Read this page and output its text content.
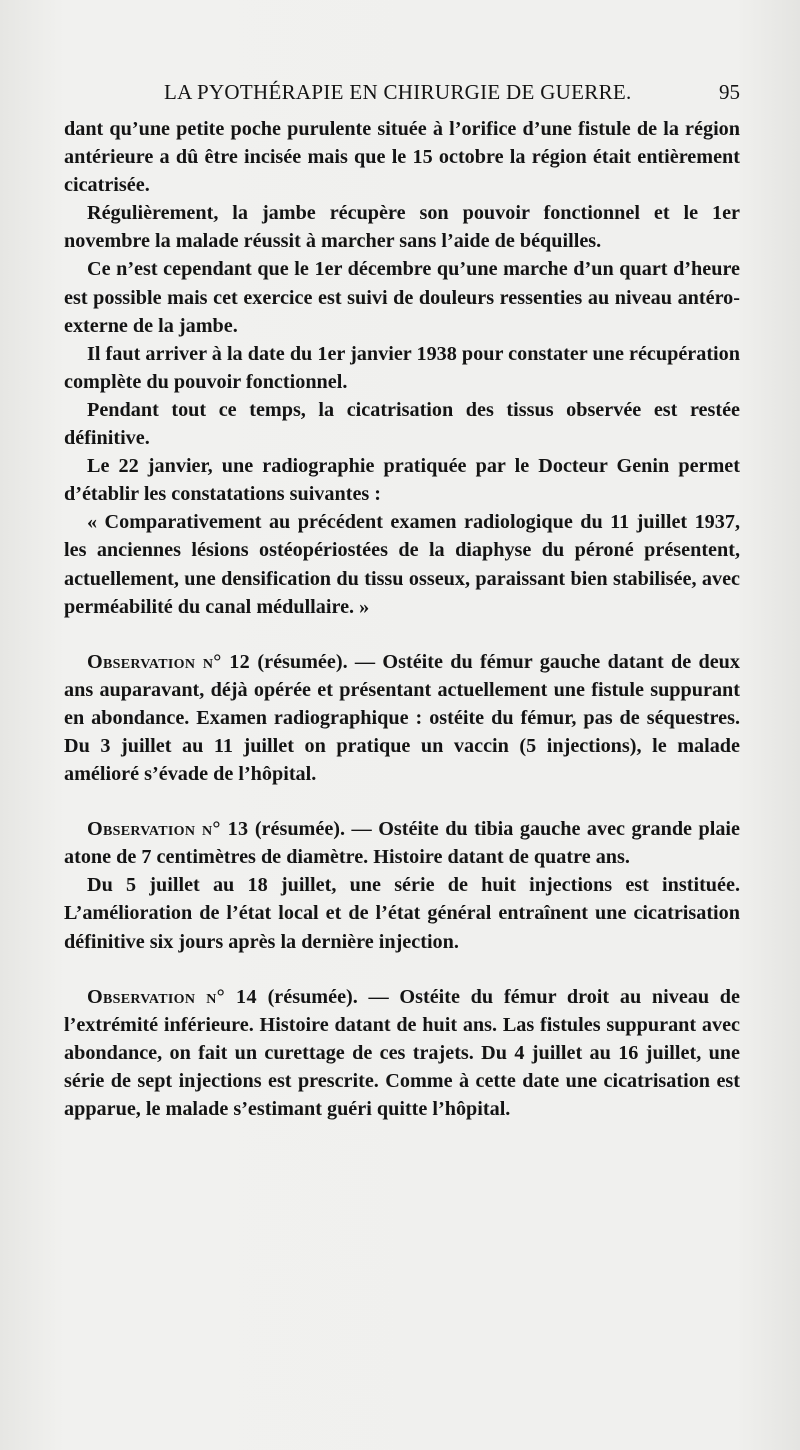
LA PYOTHÉRAPIE EN CHIRURGIE DE GUERRE.	95

dant qu’une petite poche purulente située à l’orifice d’une fistule de la région antérieure a dû être incisée mais que le 15 octobre la région était entièrement cicatrisée.

Régulièrement, la jambe récupère son pouvoir fonctionnel et le 1er novembre la malade réussit à marcher sans l’aide de béquilles.

Ce n’est cependant que le 1er décembre qu’une marche d’un quart d’heure est possible mais cet exercice est suivi de douleurs ressenties au niveau antéro-externe de la jambe.

Il faut arriver à la date du 1er janvier 1938 pour constater une récupération complète du pouvoir fonctionnel.

Pendant tout ce temps, la cicatrisation des tissus observée est restée définitive.

Le 22 janvier, une radiographie pratiquée par le Docteur Genin permet d’établir les constatations suivantes :

« Comparativement au précédent examen radiologique du 11 juillet 1937, les anciennes lésions ostéopériostées de la diaphyse du péroné présentent, actuellement, une densification du tissu osseux, paraissant bien stabilisée, avec perméabilité du canal médullaire. »

Observation n° 12 (résumée). — Ostéite du fémur gauche datant de deux ans auparavant, déjà opérée et présentant actuellement une fistule suppurant en abondance. Examen radiographique : ostéite du fémur, pas de séquestres. Du 3 juillet au 11 juillet on pratique un vaccin (5 injections), le malade amélioré s’évade de l’hôpital.

Observation n° 13 (résumée). — Ostéite du tibia gauche avec grande plaie atone de 7 centimètres de diamètre. Histoire datant de quatre ans.

Du 5 juillet au 18 juillet, une série de huit injections est instituée. L’amélioration de l’état local et de l’état général entraînent une cicatrisation définitive six jours après la dernière injection.

Observation n° 14 (résumée). — Ostéite du fémur droit au niveau de l’extrémité inférieure. Histoire datant de huit ans. Las fistules suppurant avec abondance, on fait un curettage de ces trajets. Du 4 juillet au 16 juillet, une série de sept injections est prescrite. Comme à cette date une cicatrisation est apparue, le malade s’estimant guéri quitte l’hôpital.
